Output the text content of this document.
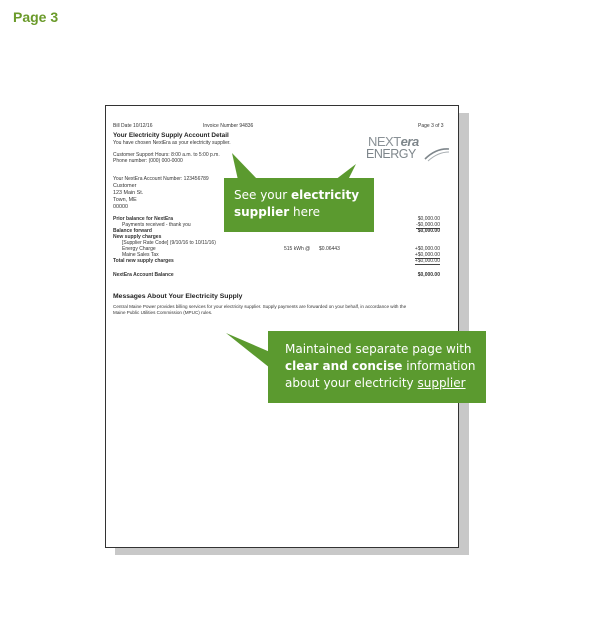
Page 3
Bill Date 10/12/16	Invoice Number 94836	Page 3 of 3
Your Electricity Supply Account Detail
You have chosen NextEra as your electricity supplier.
Customer Support Hours: 8:00 a.m. to 5:00 p.m.
Phone number: (000) 000-0000
Your NextEra Account Number: 123456789
Customer
123 Main St.
Town, ME
00000
Prior balance for NextEra	$0,000.00
Payments received - thank you	-$0,000.00
Balance forward	$0,000.00
New supply charges
[Supplier Rate Code] (9/10/16 to 10/11/16)
Energy Charge	515 kWh @ $0.06443	+$0,000.00
Maine Sales Tax	+$0,000.00
Total new supply charges	+$0,000.00
NextEra Account Balance	$0,000.00
Messages About Your Electricity Supply
Central Maine Power provides billing services for your electricity supplier. Supply payments are forwarded on your behalf, in accordance with the
Maine Public Utilities Commission (MPUC) rules.
NEXTera
ENERGY
See your electricity
supplier here
Maintained separate page with
clear and concise information
about your electricity supplier
